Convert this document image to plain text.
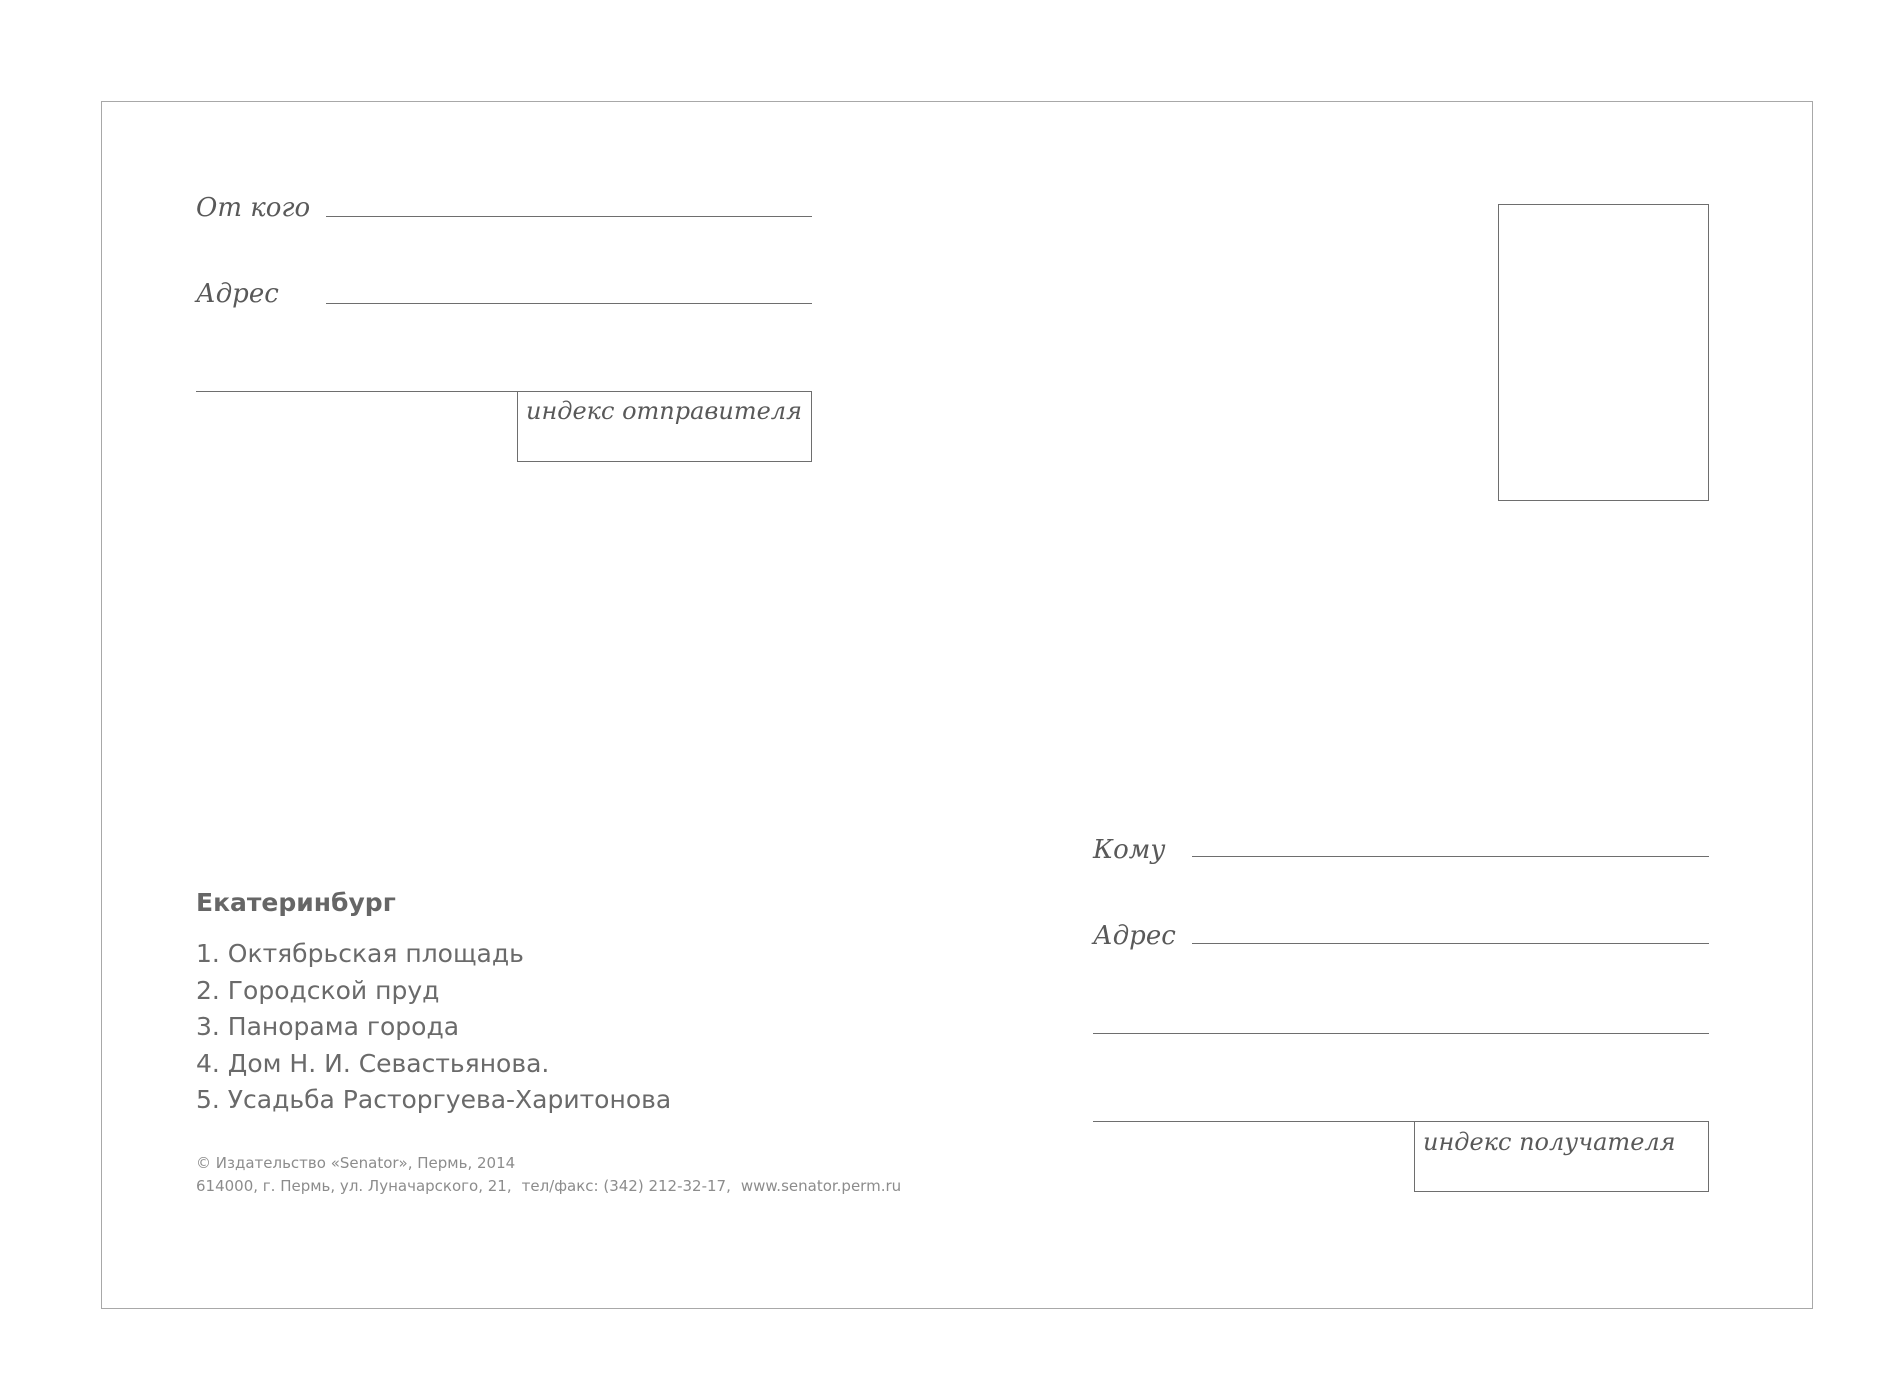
От кого
Адрес
индекс отправителя
Кому
Адрес
индекс получателя
Екатеринбург
1. Октябрьская площадь
2. Городской пруд
3. Панорама города
4. Дом Н. И. Севастьянова.
5. Усадьба Расторгуева-Харитонова
© Издательство «Senator», Пермь, 2014
614000, г. Пермь, ул. Луначарского, 21, тел/факс: (342) 212-32-17, www.senator.perm.ru
